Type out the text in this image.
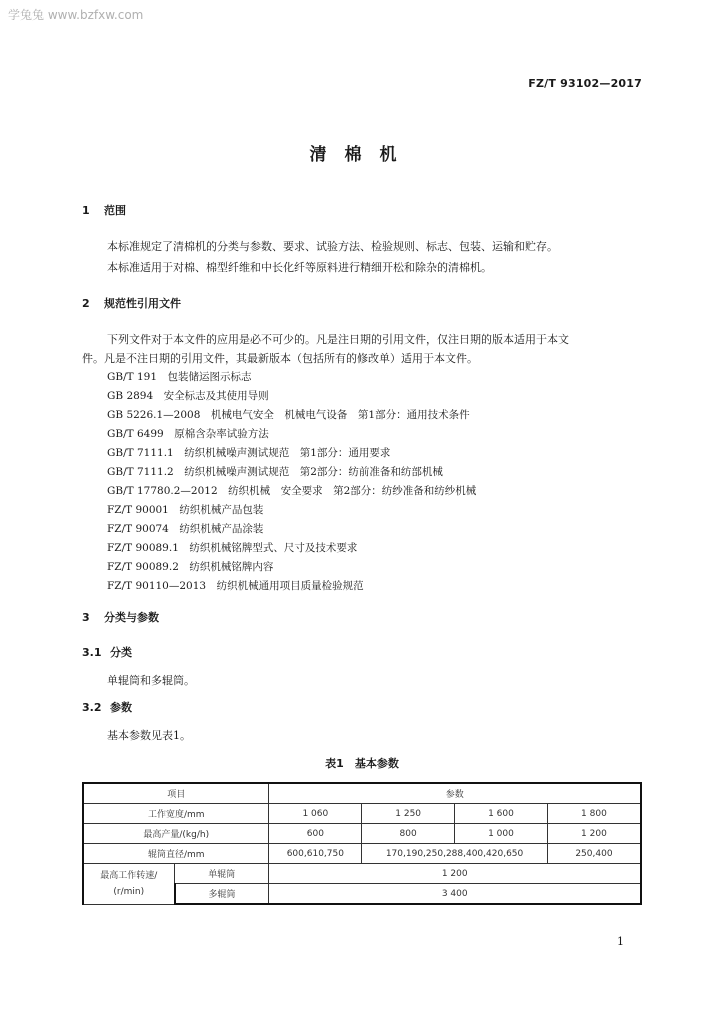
学兔兔 www.bzfxw.com
FZ/T 93102—2017
清棉机
1 范围
本标准规定了清棉机的分类与参数、要求、试验方法、检验规则、标志、包装、运输和贮存。
本标准适用于对棉、棉型纤维和中长化纤等原料进行精细开松和除杂的清棉机。
2 规范性引用文件
下列文件对于本文件的应用是必不可少的。凡是注日期的引用文件，仅注日期的版本适用于本文
件。凡是不注日期的引用文件，其最新版本（包括所有的修改单）适用于本文件。
GB/T 191　包装储运图示标志
GB 2894　安全标志及其使用导则
GB 5226.1—2008　机械电气安全　机械电气设备　第1部分：通用技术条件
GB/T 6499　原棉含杂率试验方法
GB/T 7111.1　纺织机械噪声测试规范　第1部分：通用要求
GB/T 7111.2　纺织机械噪声测试规范　第2部分：纺前准备和纺部机械
GB/T 17780.2—2012　纺织机械　安全要求　第2部分：纺纱准备和纺纱机械
FZ/T 90001　纺织机械产品包装
FZ/T 90074　纺织机械产品涂装
FZ/T 90089.1　纺织机械铭牌型式、尺寸及技术要求
FZ/T 90089.2　纺织机械铭牌内容
FZ/T 90110—2013　纺织机械通用项目质量检验规范
3 分类与参数
3.1 分类
单辊筒和多辊筒。
3.2 参数
基本参数见表1。
表1　基本参数
项目		参数			
工作宽度/mm		1 060	1 250	1 600	1 800
最高产量/(kg/h)		600	800	1 000	1 200
辊筒直径/mm		600,610,750	170,190,250,288,400,420,650		250,400

最高工作转速/
(r/min)	单辊筒	1 200			
	多辊筒	3 400			
1
